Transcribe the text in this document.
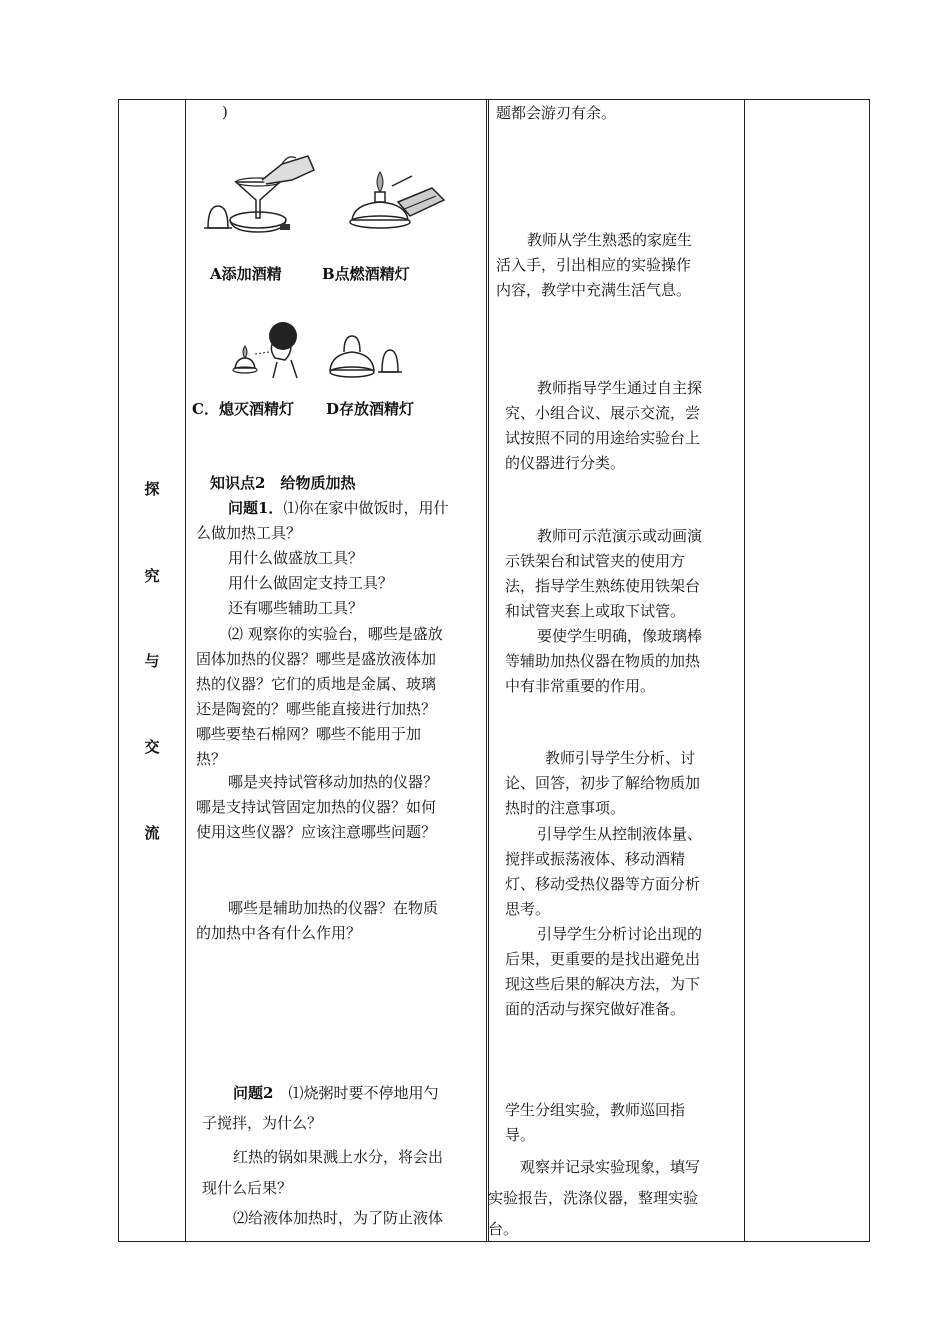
探
究
与
交
流
)
A添加酒精	B点燃酒精灯
C．熄灭酒精灯 D存放酒精灯
知识点2　给物质加热
问题1．⑴你在家中做饭时，用什
么做加热工具？
用什么做盛放工具？
用什么做固定支持工具？
还有哪些辅助工具？
⑵ 观察你的实验台，哪些是盛放
固体加热的仪器？哪些是盛放液体加
热的仪器？它们的质地是金属、玻璃
还是陶瓷的？哪些能直接进行加热？
哪些要垫石棉网？哪些不能用于加
热？
哪是夹持试管移动加热的仪器？
哪是支持试管固定加热的仪器？如何
使用这些仪器？应该注意哪些问题？
哪些是辅助加热的仪器？在物质
的加热中各有什么作用？
问题2　 ⑴烧粥时要不停地用勺
子搅拌，为什么？
红热的锅如果溅上水分，将会出
现什么后果？
⑵给液体加热时，为了防止液体
题都会游刃有余。
教师从学生熟悉的家庭生
活入手，引出相应的实验操作
内容，教学中充满生活气息。
教师指导学生通过自主探
究、小组合议、展示交流，尝
试按照不同的用途给实验台上
的仪器进行分类。
教师可示范演示或动画演
示铁架台和试管夹的使用方
法，指导学生熟练使用铁架台
和试管夹套上或取下试管。
要使学生明确，像玻璃棒
等辅助加热仪器在物质的加热
中有非常重要的作用。
教师引导学生分析、讨
论、回答，初步了解给物质加
热时的注意事项。
引导学生从控制液体量、
搅拌或振荡液体、移动酒精
灯、移动受热仪器等方面分析
思考。
引导学生分析讨论出现的
后果，更重要的是找出避免出
现这些后果的解决方法，为下
面的活动与探究做好准备。
学生分组实验，教师巡回指
导。
观察并记录实验现象，填写
实验报告，洗涤仪器，整理实验
台。
